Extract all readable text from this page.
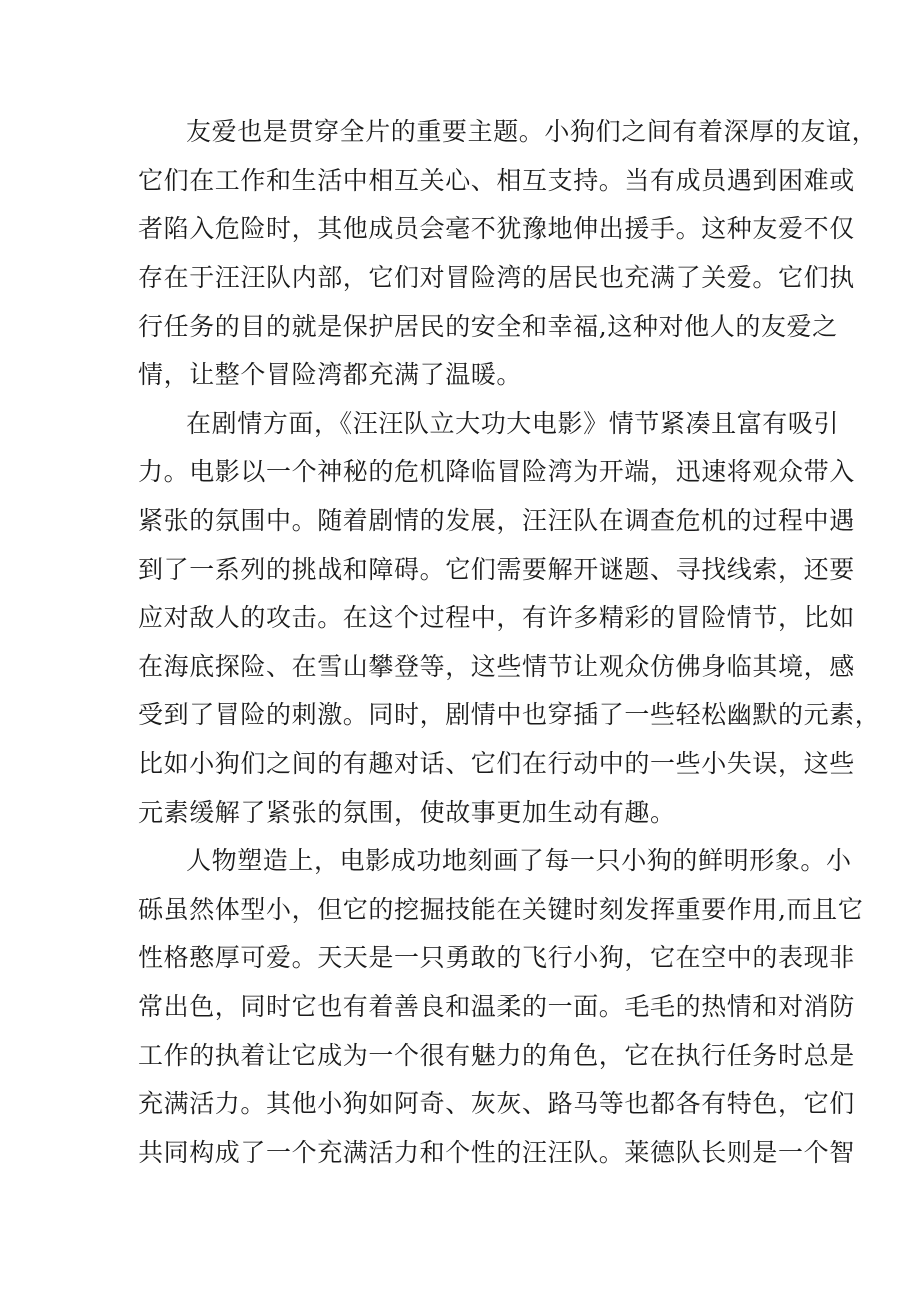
友爱也是贯穿全片的重要主题。小狗们之间有着深厚的友谊，
它们在工作和生活中相互关心、相互支持。当有成员遇到困难或
者陷入危险时，其他成员会毫不犹豫地伸出援手。这种友爱不仅
存在于汪汪队内部，它们对冒险湾的居民也充满了关爱。它们执
行任务的目的就是保护居民的安全和幸福,这种对他人的友爱之
情，让整个冒险湾都充满了温暖。
在剧情方面，《汪汪队立大功大电影》情节紧凑且富有吸引
力。电影以一个神秘的危机降临冒险湾为开端，迅速将观众带入
紧张的氛围中。随着剧情的发展，汪汪队在调查危机的过程中遇
到了一系列的挑战和障碍。它们需要解开谜题、寻找线索，还要
应对敌人的攻击。在这个过程中，有许多精彩的冒险情节，比如
在海底探险、在雪山攀登等，这些情节让观众仿佛身临其境，感
受到了冒险的刺激。同时，剧情中也穿插了一些轻松幽默的元素，
比如小狗们之间的有趣对话、它们在行动中的一些小失误，这些
元素缓解了紧张的氛围，使故事更加生动有趣。
人物塑造上，电影成功地刻画了每一只小狗的鲜明形象。小
砾虽然体型小，但它的挖掘技能在关键时刻发挥重要作用,而且它
性格憨厚可爱。天天是一只勇敢的飞行小狗，它在空中的表现非
常出色，同时它也有着善良和温柔的一面。毛毛的热情和对消防
工作的执着让它成为一个很有魅力的角色，它在执行任务时总是
充满活力。其他小狗如阿奇、灰灰、路马等也都各有特色，它们
共同构成了一个充满活力和个性的汪汪队。莱德队长则是一个智
